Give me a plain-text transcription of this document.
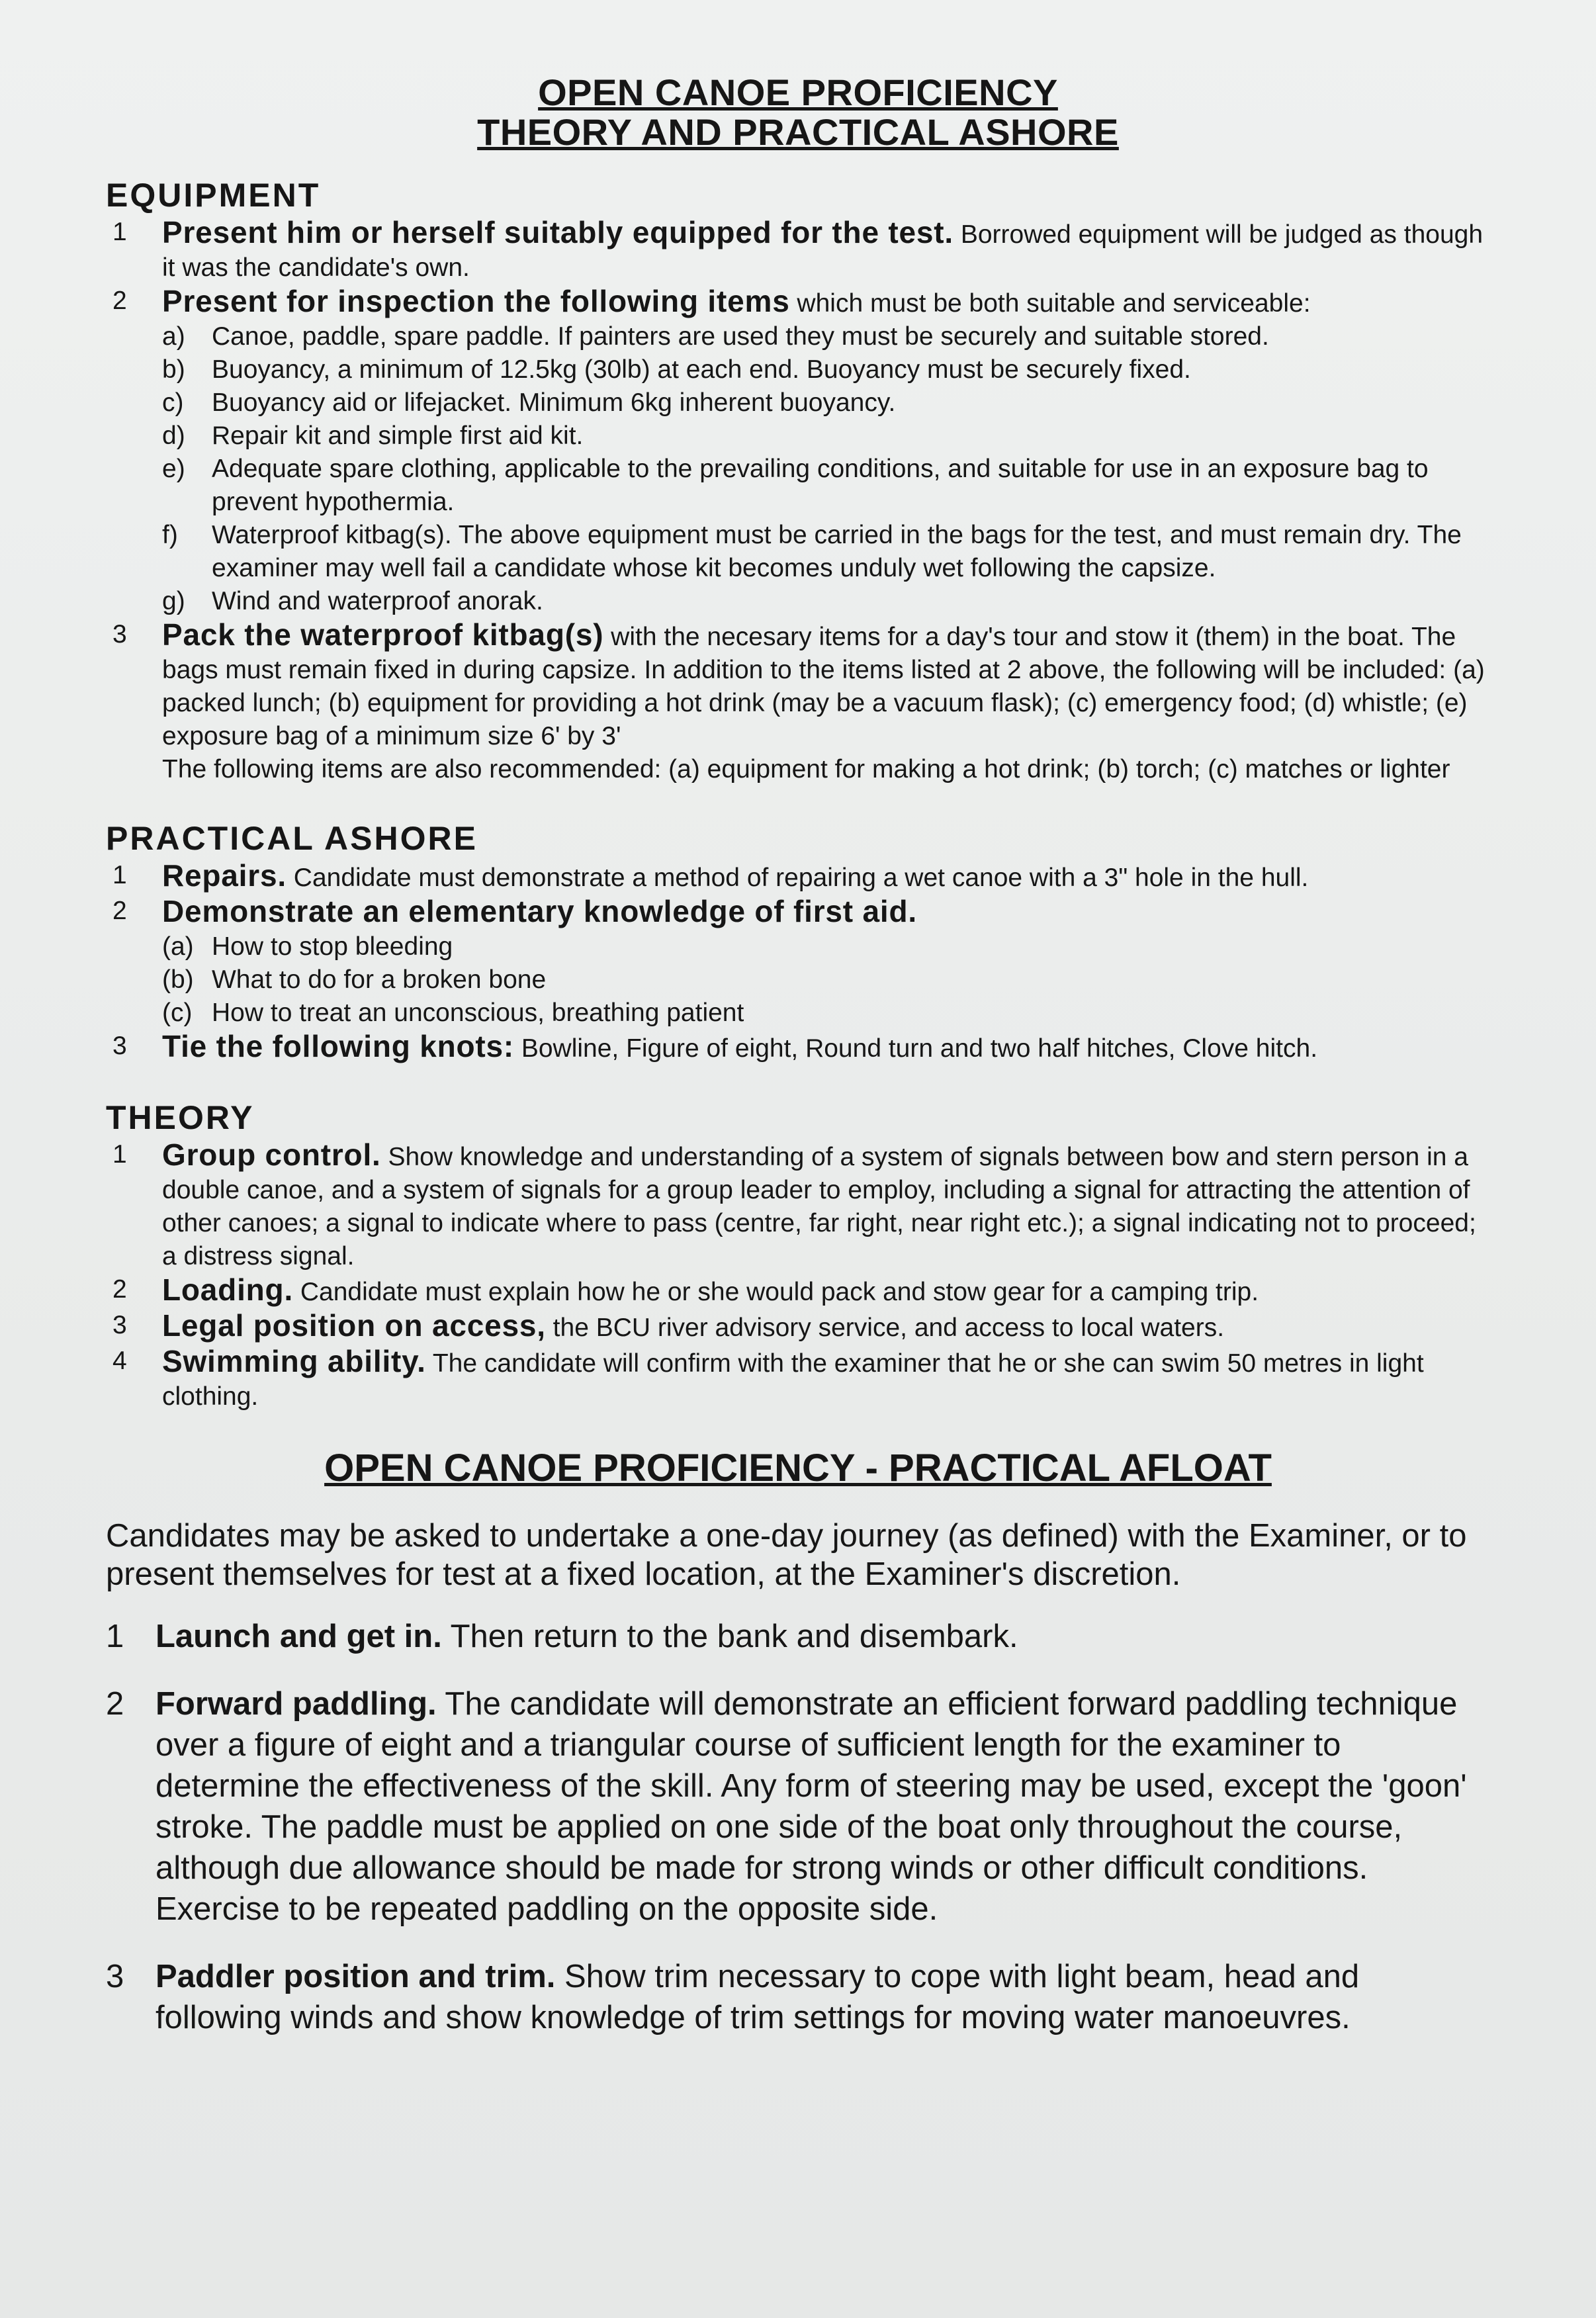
OPEN CANOE PROFICIENCY
THEORY AND PRACTICAL ASHORE
EQUIPMENT
1 Present him or herself suitably equipped for the test. Borrowed equipment will be judged as though it was the candidate's own.
2 Present for inspection the following items which must be both suitable and serviceable:
a) Canoe, paddle, spare paddle. If painters are used they must be securely and suitable stored.
b) Buoyancy, a minimum of 12.5kg (30lb) at each end. Buoyancy must be securely fixed.
c) Buoyancy aid or lifejacket. Minimum 6kg inherent buoyancy.
d) Repair kit and simple first aid kit.
e) Adequate spare clothing, applicable to the prevailing conditions, and suitable for use in an exposure bag to prevent hypothermia.
f) Waterproof kitbag(s). The above equipment must be carried in the bags for the test, and must remain dry. The examiner may well fail a candidate whose kit becomes unduly wet following the capsize.
g) Wind and waterproof anorak.
3 Pack the waterproof kitbag(s) with the necesary items for a day's tour and stow it (them) in the boat. The bags must remain fixed in during capsize. In addition to the items listed at 2 above, the following will be included: (a) packed lunch; (b) equipment for providing a hot drink (may be a vacuum flask); (c) emergency food; (d) whistle; (e) exposure bag of a minimum size 6' by 3'
The following items are also recommended: (a) equipment for making a hot drink; (b) torch; (c) matches or lighter
PRACTICAL ASHORE
1 Repairs. Candidate must demonstrate a method of repairing a wet canoe with a 3" hole in the hull.
2 Demonstrate an elementary knowledge of first aid.
(a) How to stop bleeding
(b) What to do for a broken bone
(c) How to treat an unconscious, breathing patient
3 Tie the following knots: Bowline, Figure of eight, Round turn and two half hitches, Clove hitch.
THEORY
1 Group control. Show knowledge and understanding of a system of signals between bow and stern person in a double canoe, and a system of signals for a group leader to employ, including a signal for attracting the attention of other canoes; a signal to indicate where to pass (centre, far right, near right etc.); a signal indicating not to proceed; a distress signal.
2 Loading. Candidate must explain how he or she would pack and stow gear for a camping trip.
3 Legal position on access, the BCU river advisory service, and access to local waters.
4 Swimming ability. The candidate will confirm with the examiner that he or she can swim 50 metres in light clothing.
OPEN CANOE PROFICIENCY - PRACTICAL AFLOAT

Candidates may be asked to undertake a one-day journey (as defined) with the Examiner, or to present themselves for test at a fixed location, at the Examiner's discretion.

1 Launch and get in. Then return to the bank and disembark.
2 Forward paddling. The candidate will demonstrate an efficient forward paddling technique over a figure of eight and a triangular course of sufficient length for the examiner to determine the effectiveness of the skill. Any form of steering may be used, except the 'goon' stroke. The paddle must be applied on one side of the boat only throughout the course, although due allowance should be made for strong winds or other difficult conditions. Exercise to be repeated paddling on the opposite side.
3 Paddler position and trim. Show trim necessary to cope with light beam, head and following winds and show knowledge of trim settings for moving water manoeuvres.
